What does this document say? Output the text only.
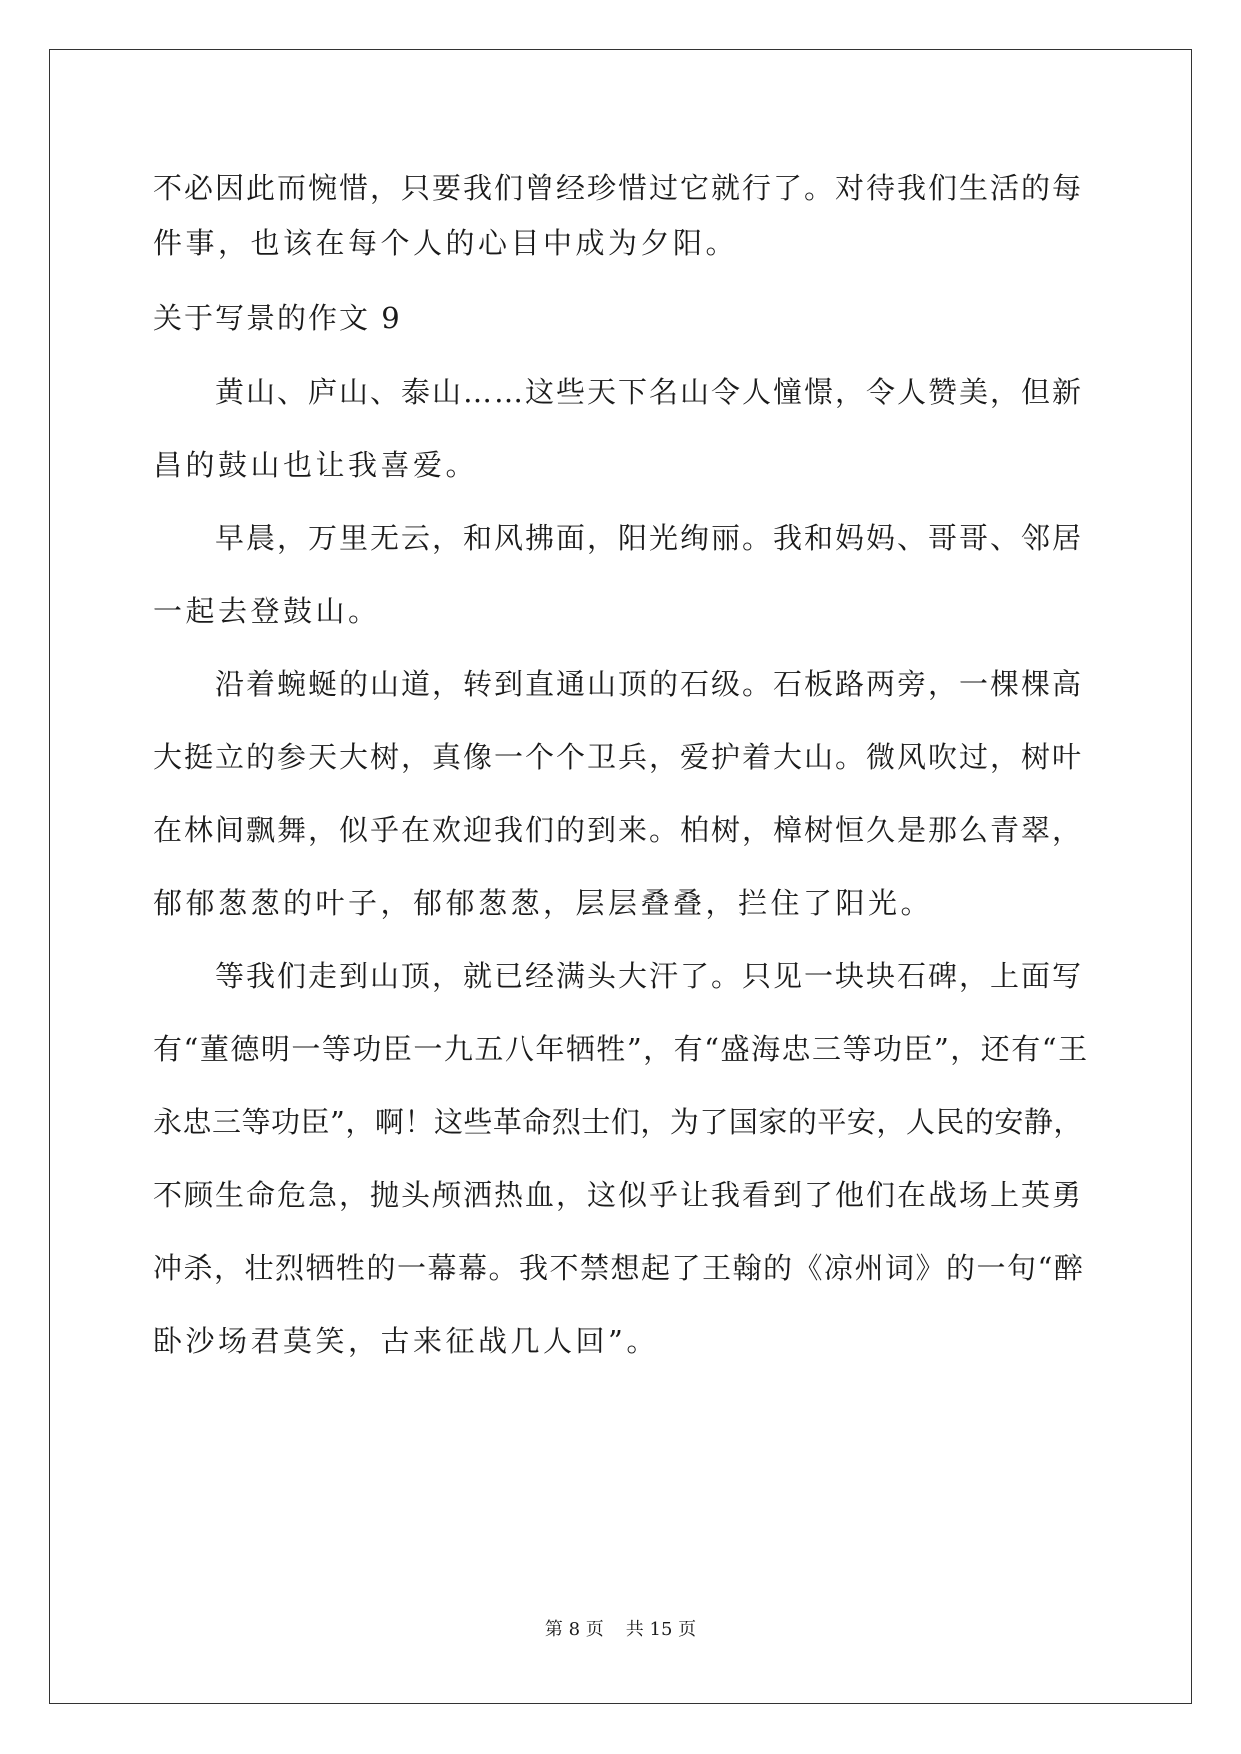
不必因此而惋惜，只要我们曾经珍惜过它就行了。对待我们生活的每
件事，也该在每个人的心目中成为夕阳。
关于写景的作文 9
黄山、庐山、泰山……这些天下名山令人憧憬，令人赞美，但新
昌的鼓山也让我喜爱。
早晨，万里无云，和风拂面，阳光绚丽。我和妈妈、哥哥、邻居
一起去登鼓山。
沿着蜿蜒的山道，转到直通山顶的石级。石板路两旁，一棵棵高
大挺立的参天大树，真像一个个卫兵，爱护着大山。微风吹过，树叶
在林间飘舞，似乎在欢迎我们的到来。柏树，樟树恒久是那么青翠，
郁郁葱葱的叶子，郁郁葱葱，层层叠叠，拦住了阳光。
等我们走到山顶，就已经满头大汗了。只见一块块石碑，上面写
有“董德明一等功臣一九五八年牺牲”，有“盛海忠三等功臣”，还有“王
永忠三等功臣”，啊！这些革命烈士们，为了国家的平安，人民的安静，
不顾生命危急，抛头颅洒热血，这似乎让我看到了他们在战场上英勇
冲杀，壮烈牺牲的一幕幕。我不禁想起了王翰的《凉州词》的一句“醉
卧沙场君莫笑，古来征战几人回”。
第 8 页 共 15 页
